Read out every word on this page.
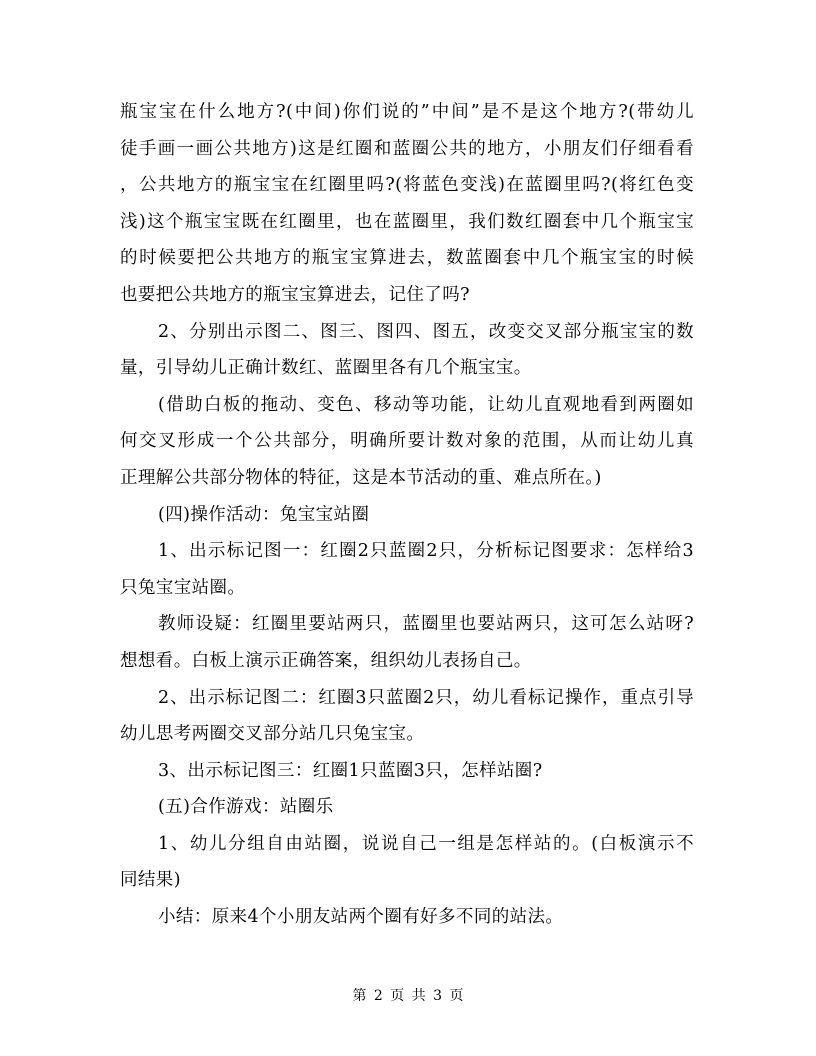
瓶宝宝在什么地方?(中间)你们说的”中间”是不是这个地方?(带幼儿
徒手画一画公共地方)这是红圈和蓝圈公共的地方，小朋友们仔细看看
，公共地方的瓶宝宝在红圈里吗?(将蓝色变浅)在蓝圈里吗?(将红色变
浅)这个瓶宝宝既在红圈里，也在蓝圈里，我们数红圈套中几个瓶宝宝
的时候要把公共地方的瓶宝宝算进去，数蓝圈套中几个瓶宝宝的时候
也要把公共地方的瓶宝宝算进去，记住了吗?
2、分别出示图二、图三、图四、图五，改变交叉部分瓶宝宝的数
量，引导幼儿正确计数红、蓝圈里各有几个瓶宝宝。
(借助白板的拖动、变色、移动等功能，让幼儿直观地看到两圈如
何交叉形成一个公共部分，明确所要计数对象的范围，从而让幼儿真
正理解公共部分物体的特征，这是本节活动的重、难点所在。)
(四)操作活动：兔宝宝站圈
1、出示标记图一：红圈2只蓝圈2只，分析标记图要求：怎样给3
只兔宝宝站圈。
教师设疑：红圈里要站两只，蓝圈里也要站两只，这可怎么站呀?
想想看。白板上演示正确答案，组织幼儿表扬自己。
2、出示标记图二：红圈3只蓝圈2只，幼儿看标记操作，重点引导
幼儿思考两圈交叉部分站几只兔宝宝。
3、出示标记图三：红圈1只蓝圈3只，怎样站圈?
(五)合作游戏：站圈乐
1、幼儿分组自由站圈，说说自己一组是怎样站的。(白板演示不
同结果)
小结：原来4个小朋友站两个圈有好多不同的站法。
第 2 页 共 3 页
